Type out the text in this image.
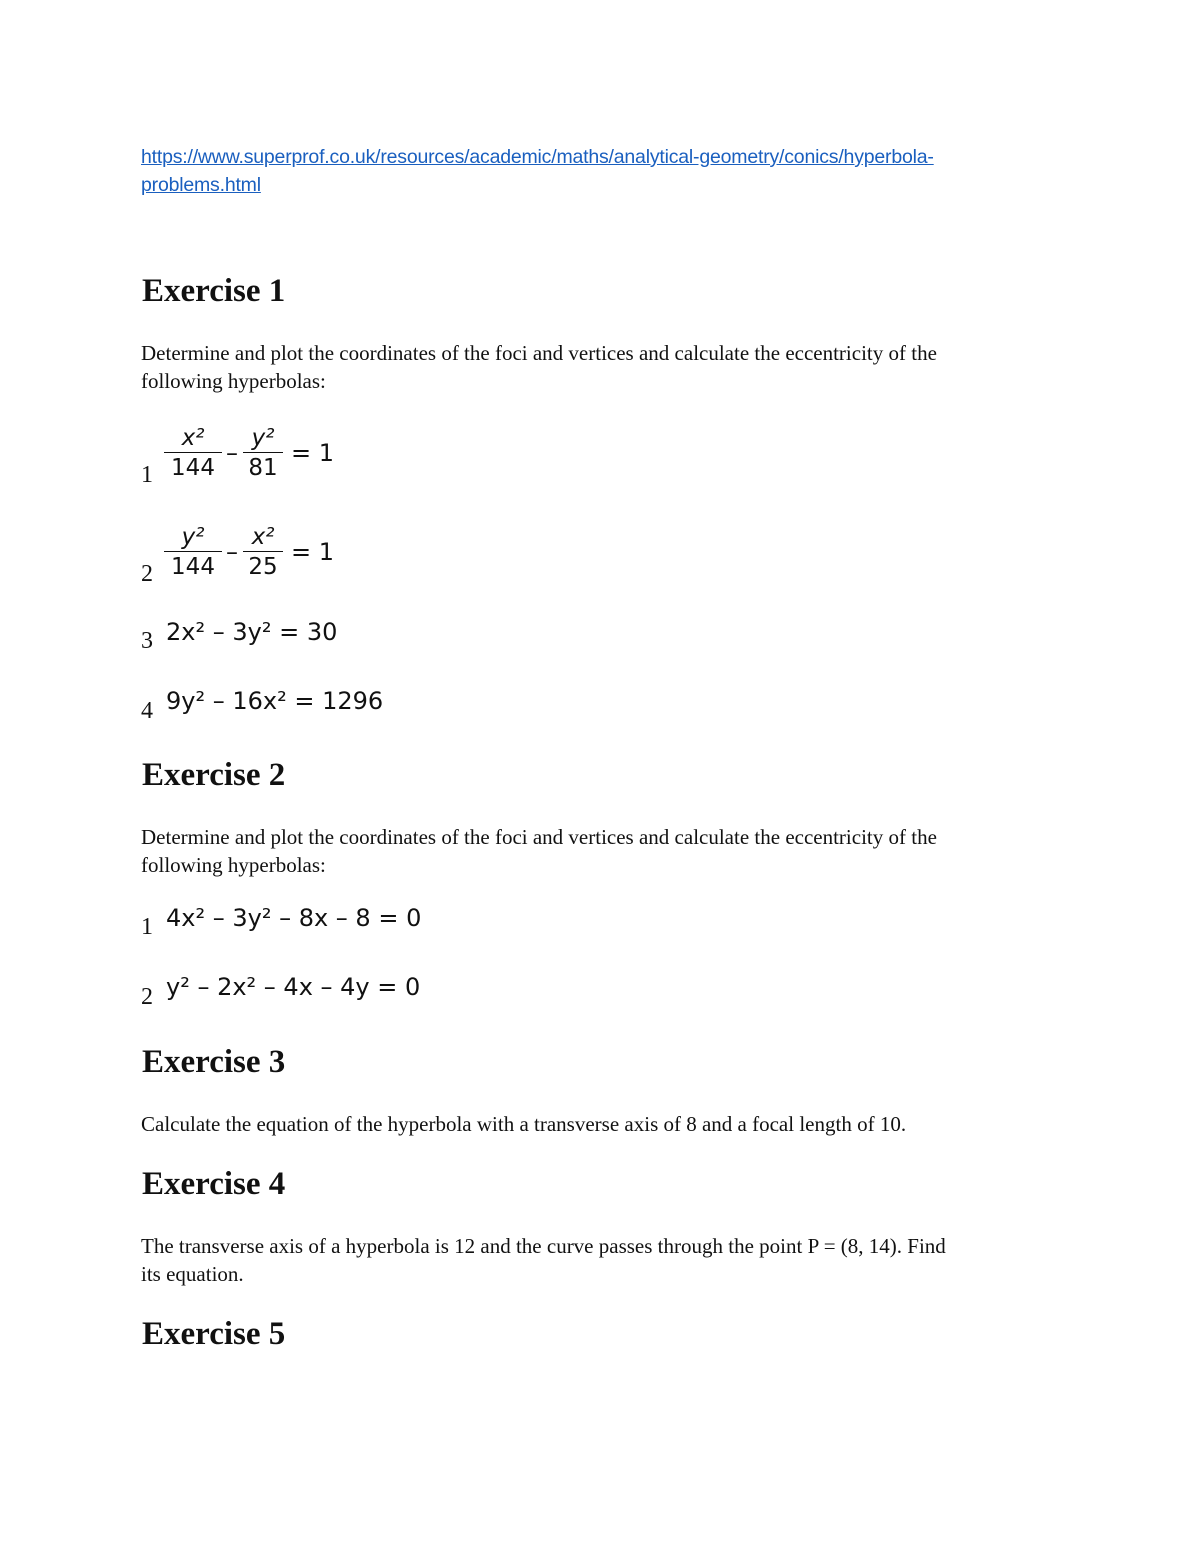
https://www.superprof.co.uk/resources/academic/maths/analytical-geometry/conics/hyperbola-
problems.html
Exercise 1

Determine and plot the coordinates of the foci and vertices and calculate the eccentricity of the

following hyperbolas:

$1 \frac{\text{x²}}{144} - \frac{\text{y²}}{81} = 1$
$2 \frac{\text{y²}}{144} - \frac{\text{x²}}{25} = 1$
3 2x² – 3y² = 30
4 9y² – 16x² = 1296
Exercise 2

Determine and plot the coordinates of the foci and vertices and calculate the eccentricity of the

following hyperbolas:

1 4x² – 3y² – 8x – 8 = 0
2 y² – 2x² – 4x – 4y = 0
Exercise 3

Calculate the equation of the hyperbola with a transverse axis of 8 and a focal length of 10.

Exercise 4

The transverse axis of a hyperbola is 12 and the curve passes through the point P = (8, 14). Find

its equation.

Exercise 5
